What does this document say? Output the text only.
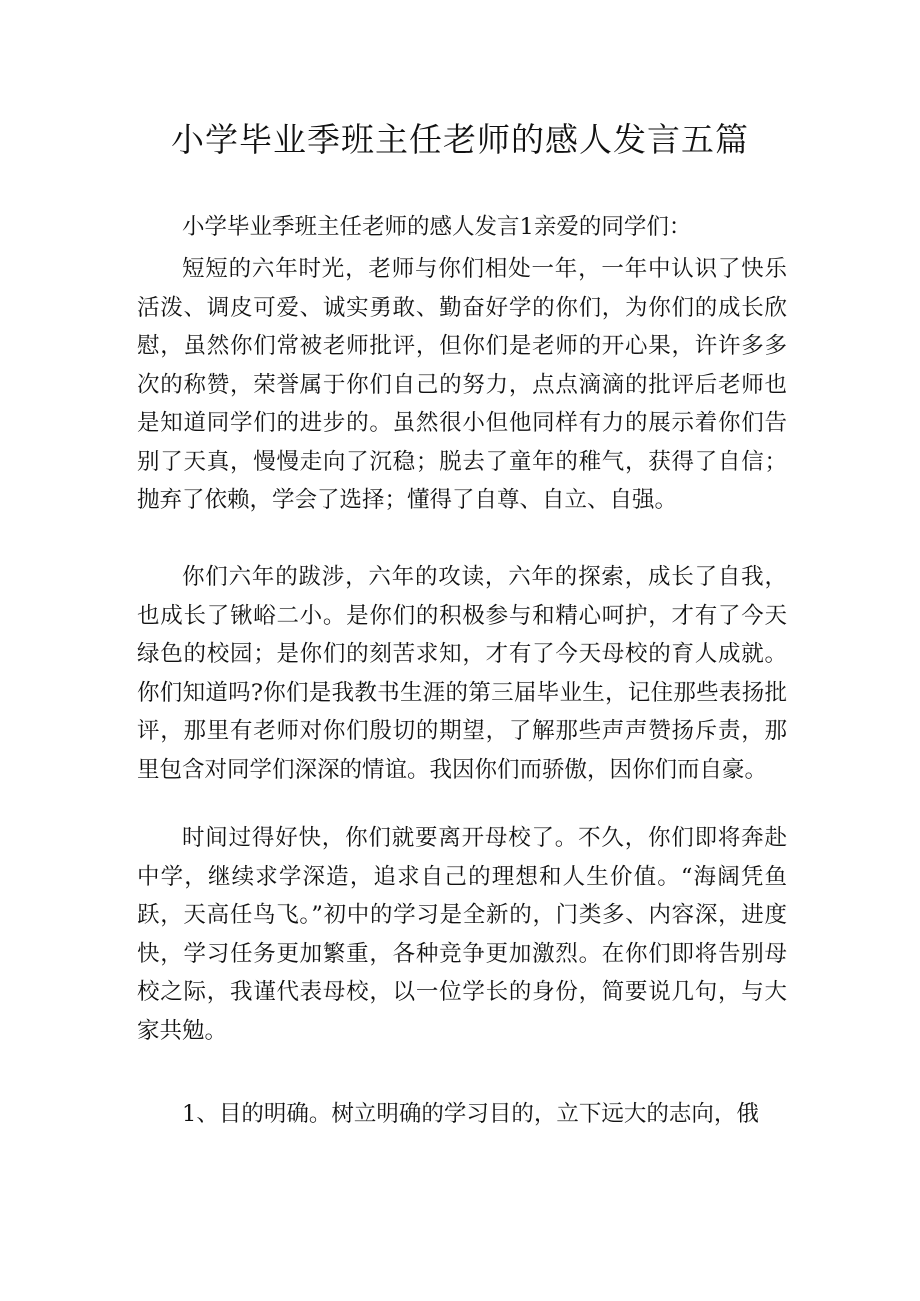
小学毕业季班主任老师的感人发言五篇

小学毕业季班主任老师的感人发言1亲爱的同学们：

短短的六年时光，老师与你们相处一年，一年中认识了快乐活泼、调皮可爱、诚实勇敢、勤奋好学的你们，为你们的成长欣慰，虽然你们常被老师批评，但你们是老师的开心果，许许多多次的称赞，荣誉属于你们自己的努力，点点滴滴的批评后老师也是知道同学们的进步的。虽然很小但他同样有力的展示着你们告别了天真，慢慢走向了沉稳；脱去了童年的稚气，获得了自信；抛弃了依赖，学会了选择；懂得了自尊、自立、自强。

你们六年的跋涉，六年的攻读，六年的探索，成长了自我，也成长了锹峪二小。是你们的积极参与和精心呵护，才有了今天绿色的校园；是你们的刻苦求知，才有了今天母校的育人成就。你们知道吗?你们是我教书生涯的第三届毕业生，记住那些表扬批评，那里有老师对你们殷切的期望，了解那些声声赞扬斥责，那里包含对同学们深深的情谊。我因你们而骄傲，因你们而自豪。

时间过得好快，你们就要离开母校了。不久，你们即将奔赴中学，继续求学深造，追求自己的理想和人生价值。“海阔凭鱼跃，天高任鸟飞。”初中的学习是全新的，门类多、内容深，进度快，学习任务更加繁重，各种竞争更加激烈。在你们即将告别母校之际，我谨代表母校，以一位学长的身份，简要说几句，与大家共勉。

1、目的明确。树立明确的学习目的，立下远大的志向，俄
